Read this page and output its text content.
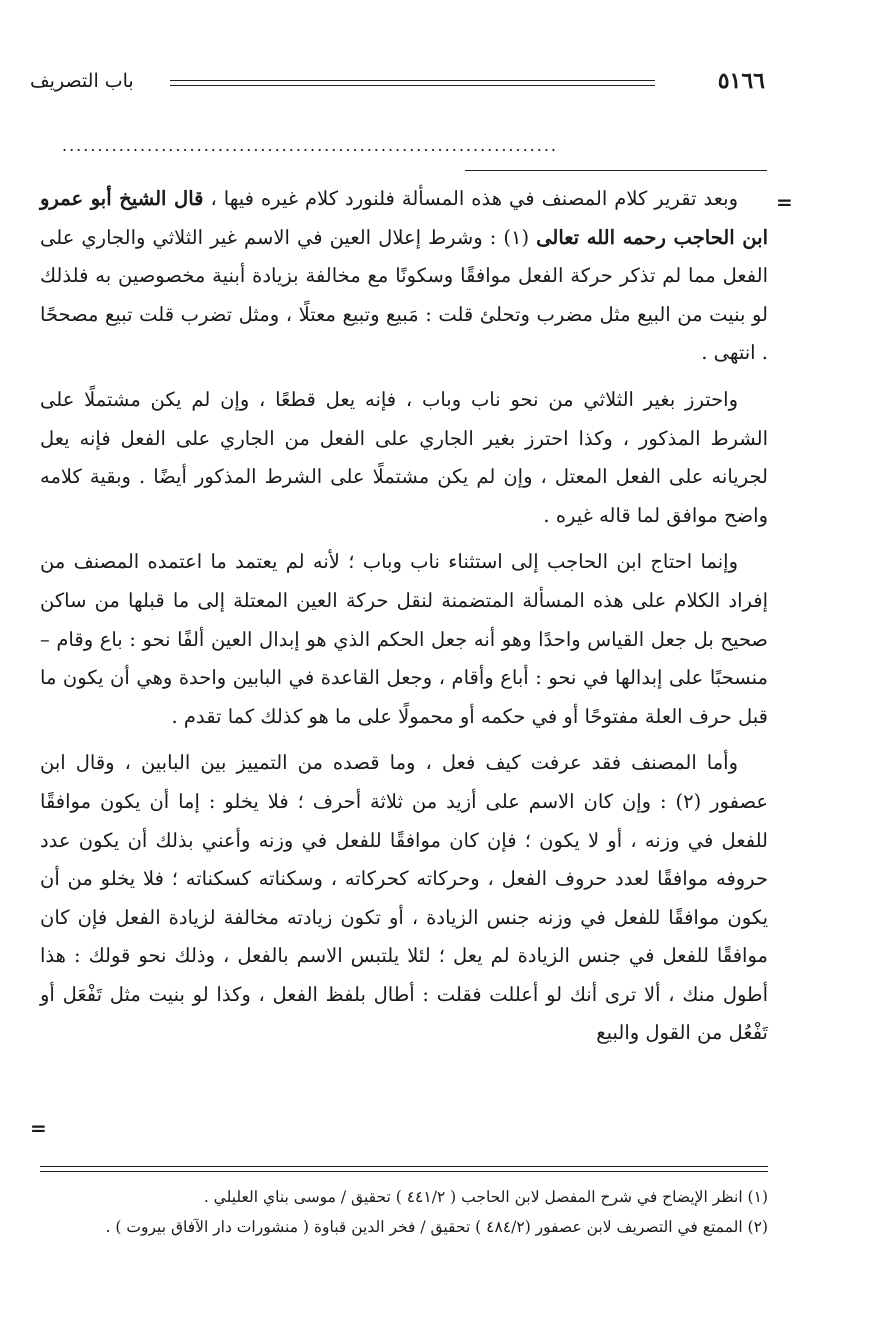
٥١٦٦
باب التصريف
......................................................................
=
=

وبعد تقرير كلام المصنف في هذه المسألة فلنورد كلام غيره فيها ، قال الشيخ أبو عمرو ابن الحاجب رحمه الله تعالى (١) : وشرط إعلال العين في الاسم غير الثلاثي والجاري على الفعل مما لم تذكر حركة الفعل موافقًا وسكونًا مع مخالفة بزيادة أبنية مخصوصين به فلذلك لو بنيت من البيع مثل مضرب وتحلئ قلت : مَبيع وتبيع معتلًا ، ومثل تضرب قلت تبيع مصححًا . انتهى .

واحترز بغير الثلاثي من نحو ناب وباب ، فإنه يعل قطعًا ، وإن لم يكن مشتملًا على الشرط المذكور ، وكذا احترز بغير الجاري على الفعل من الجاري على الفعل فإنه يعل لجريانه على الفعل المعتل ، وإن لم يكن مشتملًا على الشرط المذكور أيضًا . وبقية كلامه واضح موافق لما قاله غيره .

وإنما احتاج ابن الحاجب إلى استثناء ناب وباب ؛ لأنه لم يعتمد ما اعتمده المصنف من إفراد الكلام على هذه المسألة المتضمنة لنقل حركة العين المعتلة إلى ما قبلها من ساكن صحيح بل جعل القياس واحدًا وهو أنه جعل الحكم الذي هو إبدال العين ألفًا نحو : باع وقام – منسحبًا على إبدالها في نحو : أباع وأقام ، وجعل القاعدة في البابين واحدة وهي أن يكون ما قبل حرف العلة مفتوحًا أو في حكمه أو محمولًا على ما هو كذلك كما تقدم .

وأما المصنف فقد عرفت كيف فعل ، وما قصده من التمييز بين البابين ، وقال ابن عصفور (٢) : وإن كان الاسم على أزيد من ثلاثة أحرف ؛ فلا يخلو : إما أن يكون موافقًا للفعل في وزنه ، أو لا يكون ؛ فإن كان موافقًا للفعل في وزنه وأعني بذلك أن يكون عدد حروفه موافقًا لعدد حروف الفعل ، وحركاته كحركاته ، وسكناته كسكناته ؛ فلا يخلو من أن يكون موافقًا للفعل في وزنه جنس الزيادة ، أو تكون زيادته مخالفة لزيادة الفعل فإن كان موافقًا للفعل في جنس الزيادة لم يعل ؛ لئلا يلتبس الاسم بالفعل ، وذلك نحو قولك : هذا أطول منك ، ألا ترى أنك لو أعللت فقلت : أطال بلفظ الفعل ، وكذا لو بنيت مثل تَفْعَل أو تَفْعُل من القول والبيع

(١) انظر الإيضاح في شرح المفصل لابن الحاجب ( ٤٤١/٢ ) تحقيق / موسى بناي العليلي .

(٢) الممتع في التصريف لابن عصفور (٤٨٤/٢ ) تحقيق / فخر الدين قباوة ( منشورات دار الآفاق بيروت ) .
